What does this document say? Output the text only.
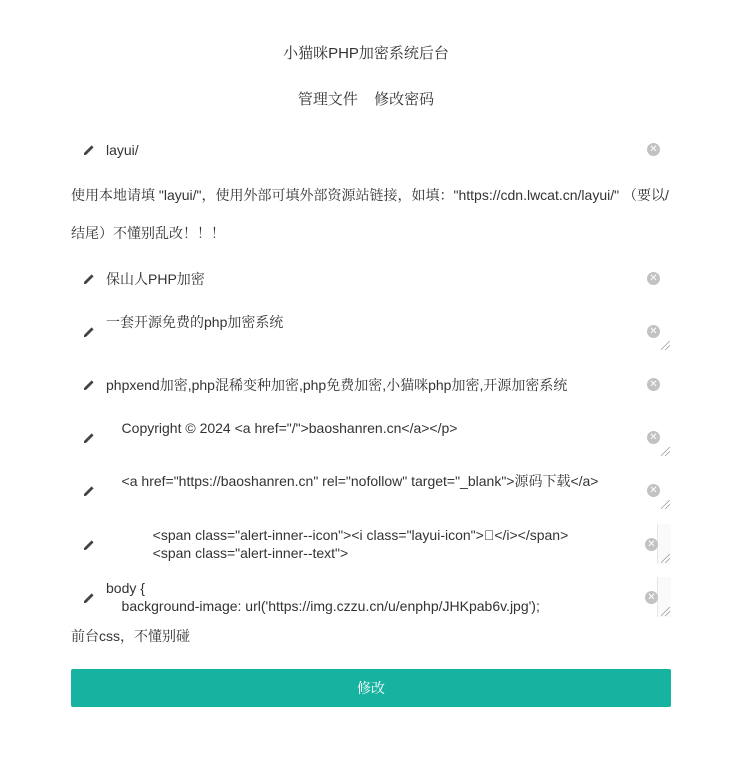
小猫咪PHP加密系统后台
管理文件 修改密码
layui/	✕
使用本地请填 "layui/"，使用外部可填外部资源站链接，如填："https://cdn.lwcat.cn/layui/" （要以/结尾）不懂别乱改！！！
保山人PHP加密	✕
一套开源免费的php加密系统
✕
phpxend加密,php混稀变种加密,php免费加密,小猫咪php加密,开源加密系统	✕
Copyright © 2024 <a href="/">baoshanren.cn</a></p>
✕
<a href="https://baoshanren.cn" rel="nofollow" target="_blank">源码下载</a>
✕
<span class="alert-inner--icon"><i class="layui-icon"> </i></span>
<span class="alert-inner--text">
✕
body {
background-image: url('https://img.czzu.cn/u/enphp/JHKpab6v.jpg');
✕
前台css，不懂别碰
修改
